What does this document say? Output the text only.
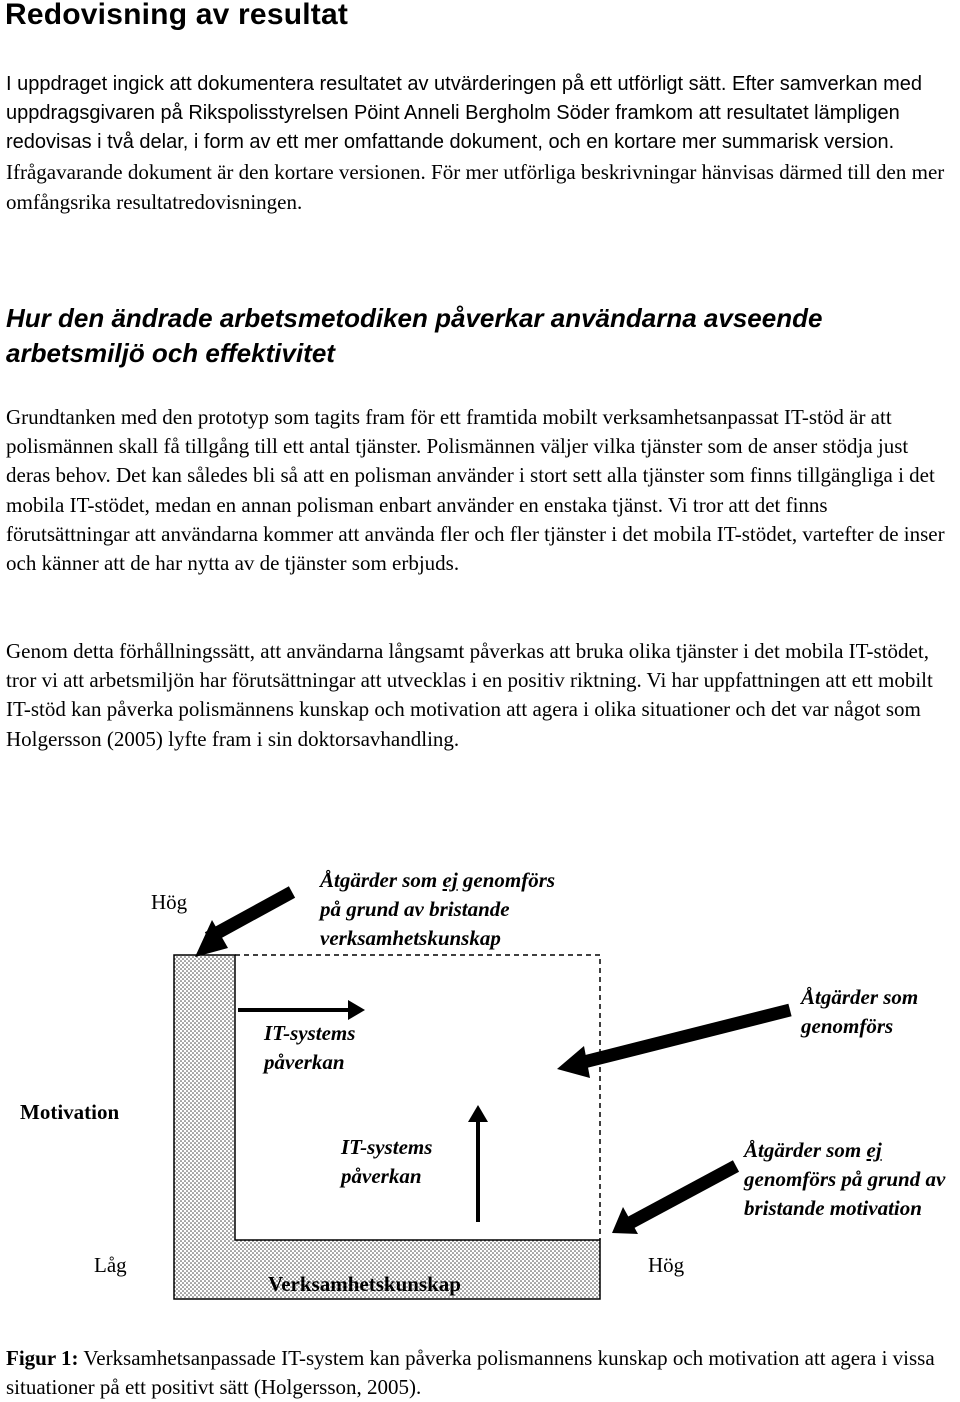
Redovisning av resultat

I uppdraget ingick att dokumentera resultatet av utvärderingen på ett utförligt sätt. Efter samverkan med uppdragsgivaren på Rikspolisstyrelsen Pöint Anneli Bergholm Söder framkom att resultatet lämpligen redovisas i två delar, i form av ett mer omfattande dokument, och en kortare mer summarisk version.

Ifrågavarande dokument är den kortare versionen. För mer utförliga beskrivningar hänvisas därmed till den mer omfångsrika resultatredovisningen.

Hur den ändrade arbetsmetodiken påverkar användarna avseende arbetsmiljö och effektivitet

Grundtanken med den prototyp som tagits fram för ett framtida mobilt verksamhetsanpassat IT-stöd är att polismännen skall få tillgång till ett antal tjänster. Polismännen väljer vilka tjänster som de anser stödja just deras behov. Det kan således bli så att en polisman använder i stort sett alla tjänster som finns tillgängliga i det mobila IT-stödet, medan en annan polisman enbart använder en enstaka tjänst. Vi tror att det finns förutsättningar att användarna kommer att använda fler och fler tjänster i det mobila IT-stödet, vartefter de inser och känner att de har nytta av de tjänster som erbjuds.

Genom detta förhållningssätt, att användarna långsamt påverkas att bruka olika tjänster i det mobila IT-stödet, tror vi att arbetsmiljön har förutsättningar att utvecklas i en positiv riktning. Vi har uppfattningen att ett mobilt IT-stöd kan påverka polismännens kunskap och motivation att agera i olika situationer och det var något som Holgersson (2005) lyfte fram i sin doktorsavhandling.

Hög
Motivation
Låg	Hög
Verksamhetskunskap
Åtgärder som ej genomförs
på grund av bristande verksamhetskunskap
Åtgärder som genomförs
Åtgärder som ej genomförs på grund av bristande motivation
IT-systems påverkan
IT-systems påverkan

Figur 1: Verksamhetsanpassade IT-system kan påverka polismannens kunskap och motivation att agera i vissa situationer på ett positivt sätt (Holgersson, 2005).
